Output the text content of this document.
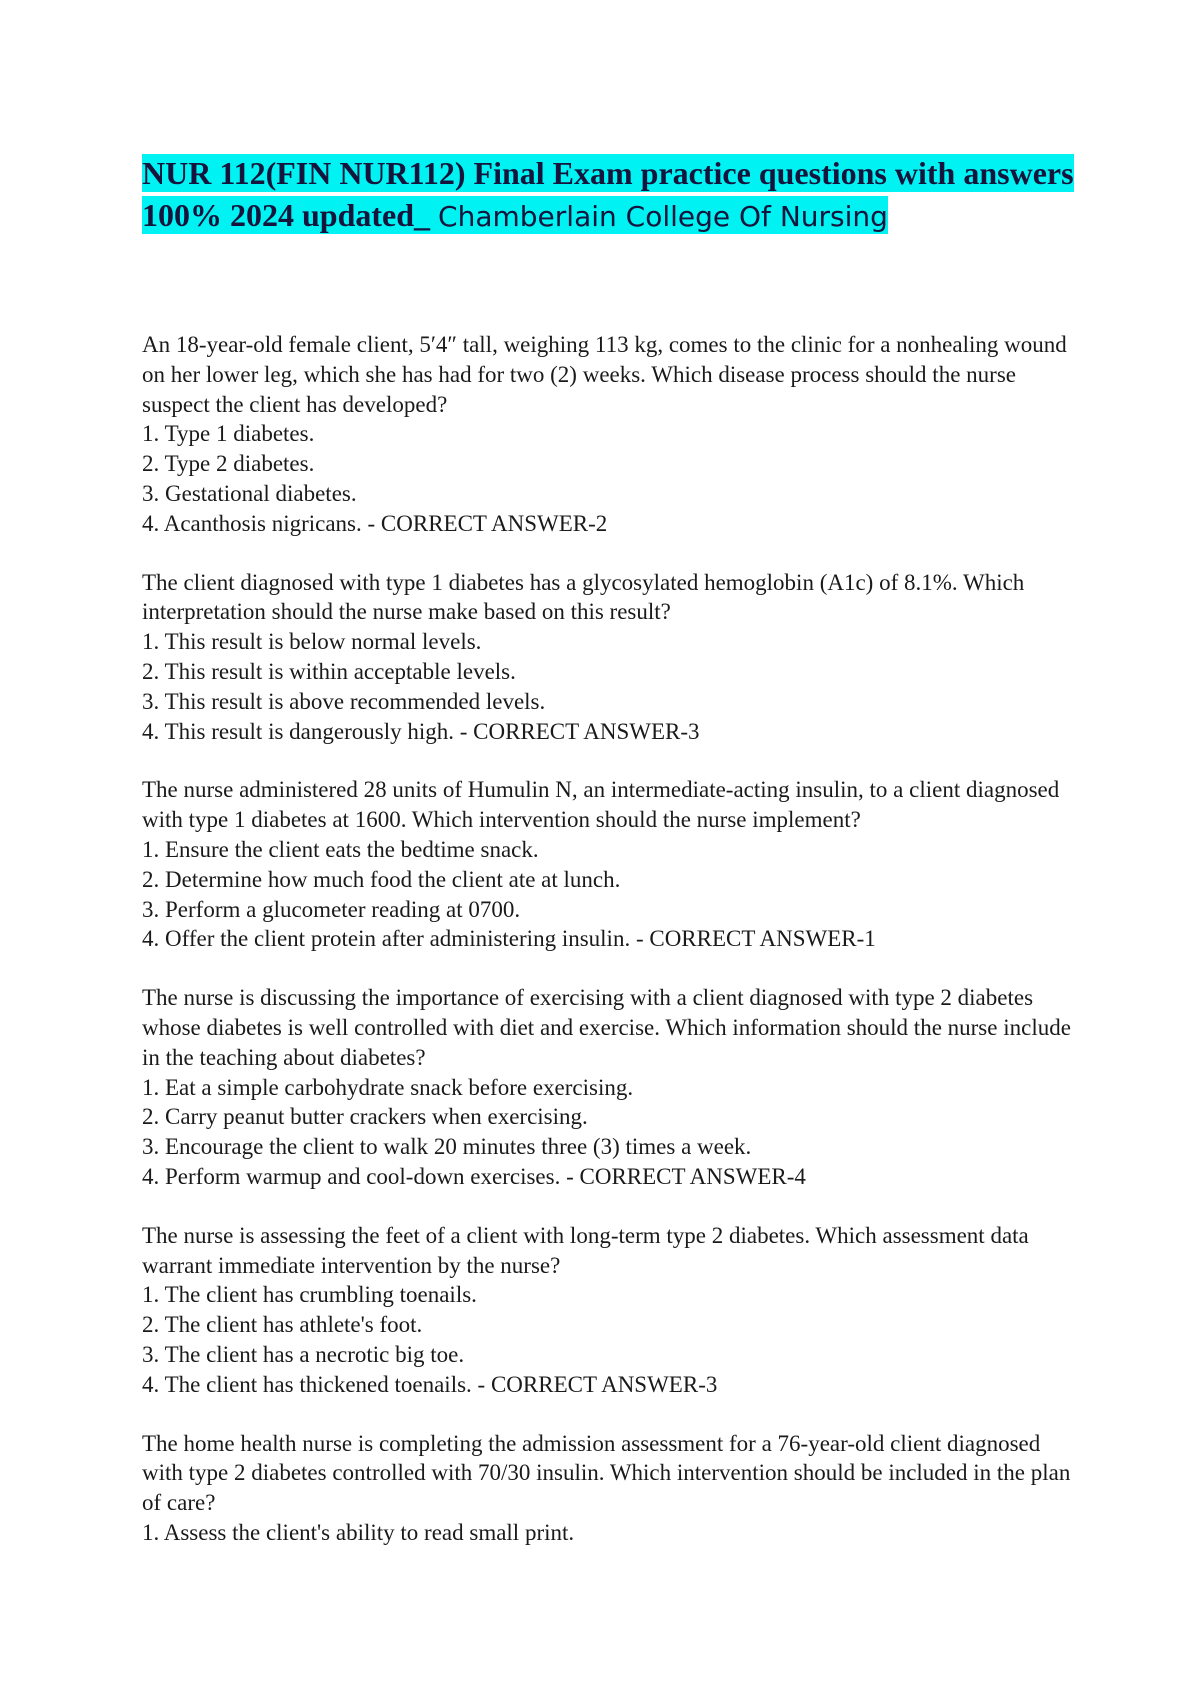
NUR 112(FIN NUR112) Final Exam practice questions with answers 100% 2024 updated_ Chamberlain College Of Nursing

An 18-year-old female client, 5′4″ tall, weighing 113 kg, comes to the clinic for a nonhealing wound on her lower leg, which she has had for two (2) weeks. Which disease process should the nurse suspect the client has developed?

1. Type 1 diabetes.
2. Type 2 diabetes.
3. Gestational diabetes.
4. Acanthosis nigricans. - CORRECT ANSWER-2

The client diagnosed with type 1 diabetes has a glycosylated hemoglobin (A1c) of 8.1%. Which interpretation should the nurse make based on this result?

1. This result is below normal levels.
2. This result is within acceptable levels.
3. This result is above recommended levels.
4. This result is dangerously high. - CORRECT ANSWER-3

The nurse administered 28 units of Humulin N, an intermediate-acting insulin, to a client diagnosed with type 1 diabetes at 1600. Which intervention should the nurse implement?

1. Ensure the client eats the bedtime snack.
2. Determine how much food the client ate at lunch.
3. Perform a glucometer reading at 0700.
4. Offer the client protein after administering insulin. - CORRECT ANSWER-1

The nurse is discussing the importance of exercising with a client diagnosed with type 2 diabetes whose diabetes is well controlled with diet and exercise. Which information should the nurse include in the teaching about diabetes?

1. Eat a simple carbohydrate snack before exercising.
2. Carry peanut butter crackers when exercising.
3. Encourage the client to walk 20 minutes three (3) times a week.
4. Perform warmup and cool-down exercises. - CORRECT ANSWER-4

The nurse is assessing the feet of a client with long-term type 2 diabetes. Which assessment data warrant immediate intervention by the nurse?

1. The client has crumbling toenails.
2. The client has athlete's foot.
3. The client has a necrotic big toe.
4. The client has thickened toenails. - CORRECT ANSWER-3

The home health nurse is completing the admission assessment for a 76-year-old client diagnosed with type 2 diabetes controlled with 70/30 insulin. Which intervention should be included in the plan of care?

1. Assess the client's ability to read small print.
